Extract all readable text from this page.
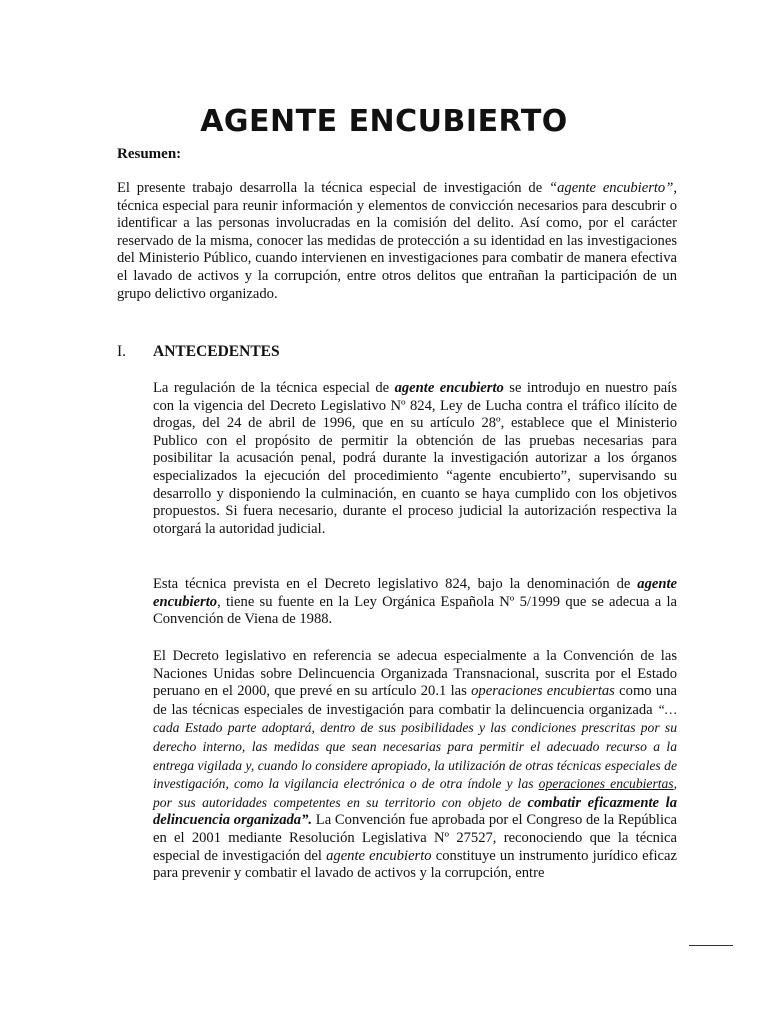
AGENTE ENCUBIERTO

Resumen:

El presente trabajo desarrolla la técnica especial de investigación de “agente encubierto”, técnica especial para reunir información y elementos de convicción necesarios para descubrir o identificar a las personas involucradas en la comisión del delito. Así como, por el carácter reservado de la misma, conocer las medidas de protección a su identidad en las investigaciones del Ministerio Público, cuando intervienen en investigaciones para combatir de manera efectiva el lavado de activos y la corrupción, entre otros delitos que entrañan la participación de un grupo delictivo organizado.

I. ANTECEDENTES

La regulación de la técnica especial de agente encubierto se introdujo en nuestro país con la vigencia del Decreto Legislativo Nº 824, Ley de Lucha contra el tráfico ilícito de drogas, del 24 de abril de 1996, que en su artículo 28º, establece que el Ministerio Publico con el propósito de permitir la obtención de las pruebas necesarias para posibilitar la acusación penal, podrá durante la investigación autorizar a los órganos especializados la ejecución del procedimiento “agente encubierto”, supervisando su desarrollo y disponiendo la culminación, en cuanto se haya cumplido con los objetivos propuestos. Si fuera necesario, durante el proceso judicial la autorización respectiva la otorgará la autoridad judicial.

Esta técnica prevista en el Decreto legislativo 824, bajo la denominación de agente encubierto, tiene su fuente en la Ley Orgánica Española Nº 5/1999 que se adecua a la Convención de Viena de 1988.

El Decreto legislativo en referencia se adecua especialmente a la Convención de las Naciones Unidas sobre Delincuencia Organizada Transnacional, suscrita por el Estado peruano en el 2000, que prevé en su artículo 20.1 las operaciones encubiertas como una de las técnicas especiales de investigación para combatir la delincuencia organizada “… cada Estado parte adoptará, dentro de sus posibilidades y las condiciones prescritas por su derecho interno, las medidas que sean necesarias para permitir el adecuado recurso a la entrega vigilada y, cuando lo considere apropiado, la utilización de otras técnicas especiales de investigación, como la vigilancia electrónica o de otra índole y las operaciones encubiertas, por sus autoridades competentes en su territorio con objeto de combatir eficazmente la delincuencia organizada”. La Convención fue aprobada por el Congreso de la República en el 2001 mediante Resolución Legislativa Nº 27527, reconociendo que la técnica especial de investigación del agente encubierto constituye un instrumento jurídico eficaz para prevenir y combatir el lavado de activos y la corrupción, entre
